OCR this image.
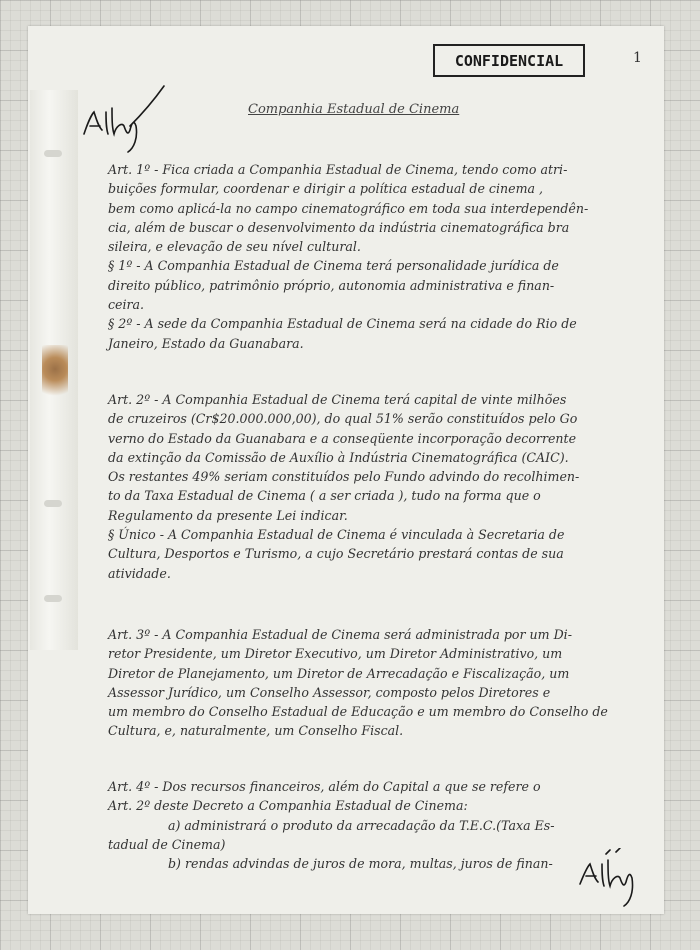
CONFIDENCIAL	1
Companhia Estadual de Cinema
Art. 1º - Fica criada a Companhia Estadual de Cinema, tendo como atri-
buições formular, coordenar e dirigir a política estadual de cinema ,
bem como aplicá-la no campo cinematográfico em toda sua interdependên-
cia, além de buscar o desenvolvimento da indústria cinematográfica bra
sileira, e elevação de seu nível cultural.
§ 1º - A Companhia Estadual de Cinema terá personalidade jurídica de
direito público, patrimônio próprio, autonomia administrativa e finan-
ceira.
§ 2º - A sede da Companhia Estadual de Cinema será na cidade do Rio de
Janeiro, Estado da Guanabara.
Art. 2º - A Companhia Estadual de Cinema terá capital de vinte milhões
de cruzeiros (Cr$20.000.000,00), do qual 51% serão constituídos pelo Go
verno do Estado da Guanabara e a conseqüente incorporação decorrente
da extinção da Comissão de Auxílio à Indústria Cinematográfica (CAIC).
Os restantes 49% seriam constituídos pelo Fundo advindo do recolhimen-
to da Taxa Estadual de Cinema ( a ser criada ), tudo na forma que o
Regulamento da presente Lei indicar.
§ Único - A Companhia Estadual de Cinema é vinculada à Secretaria de
Cultura, Desportos e Turismo, a cujo Secretário prestará contas de sua
atividade.
Art. 3º - A Companhia Estadual de Cinema será administrada por um Di-
retor Presidente, um Diretor Executivo, um Diretor Administrativo, um
Diretor de Planejamento, um Diretor de Arrecadação e Fiscalização, um
Assessor Jurídico, um Conselho Assessor, composto pelos Diretores e
um membro do Conselho Estadual de Educação e um membro do Conselho de
Cultura, e, naturalmente, um Conselho Fiscal.
Art. 4º - Dos recursos financeiros, além do Capital a que se refere o
Art. 2º deste Decreto a Companhia Estadual de Cinema:
a) administrará o produto da arrecadação da T.E.C.(Taxa Es-
tadual de Cinema)
b) rendas advindas de juros de mora, multas, juros de finan-
